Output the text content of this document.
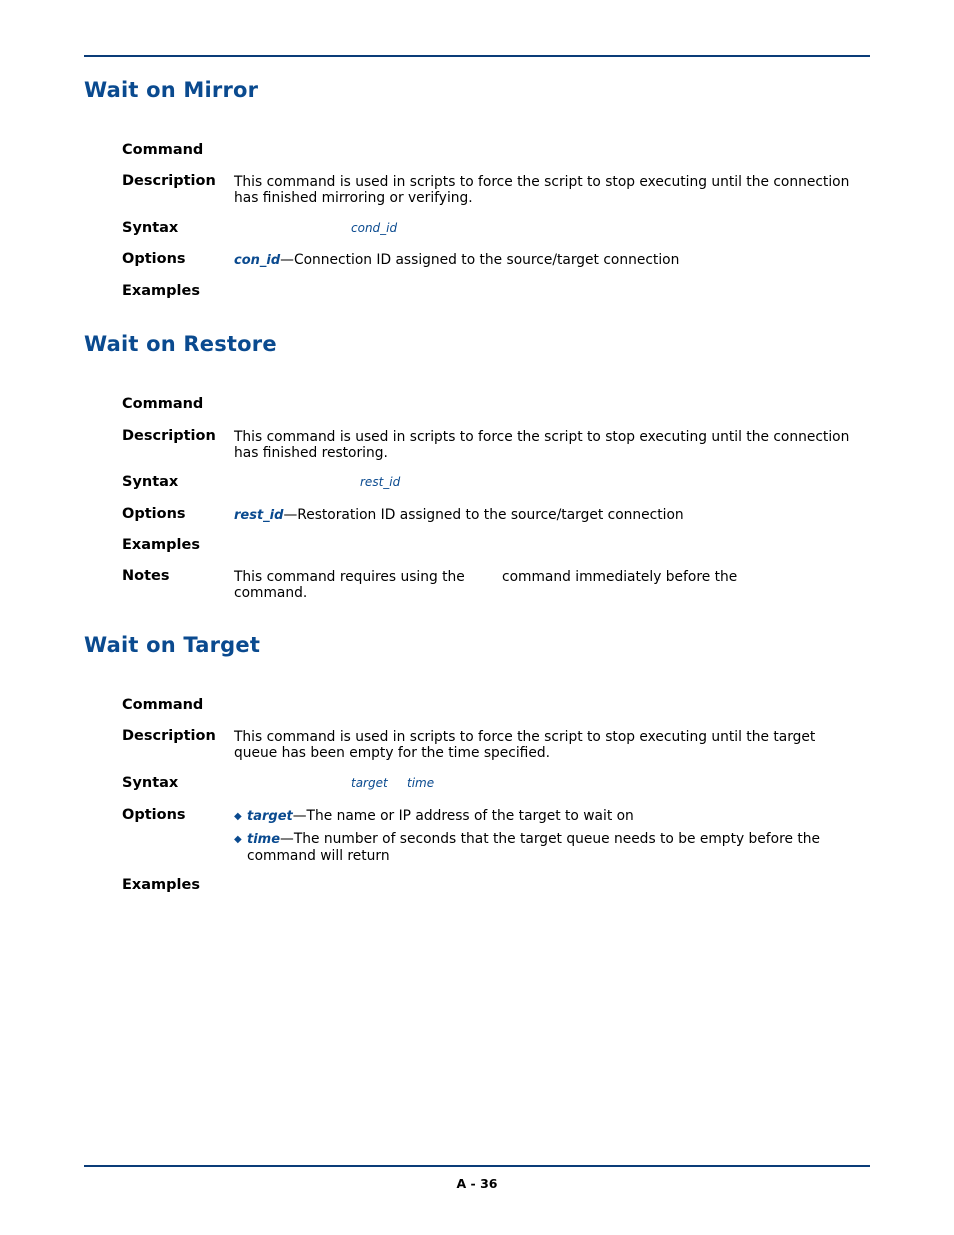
Wait on Mirror

Command

Description This command is used in scripts to force the script to stop executing until the connection has finished mirroring or verifying.

Syntax	cond_id

Options	con_id—Connection ID assigned to the source/target connection

Examples

Wait on Restore

Command

Description This command is used in scripts to force the script to stop executing until the connection has finished restoring.

Syntax	rest_id

Options	rest_id—Restoration ID assigned to the source/target connection

Examples

Notes	This command requires using the	command immediately before the

command.

Wait on Target

Command

Description This command is used in scripts to force the script to stop executing until the target queue has been empty for the time specified.

Syntax	target time

Options	◆ target—The name or IP address of the target to wait on

◆ time—The number of seconds that the target queue needs to be empty before the command will return

Examples

A - 36
